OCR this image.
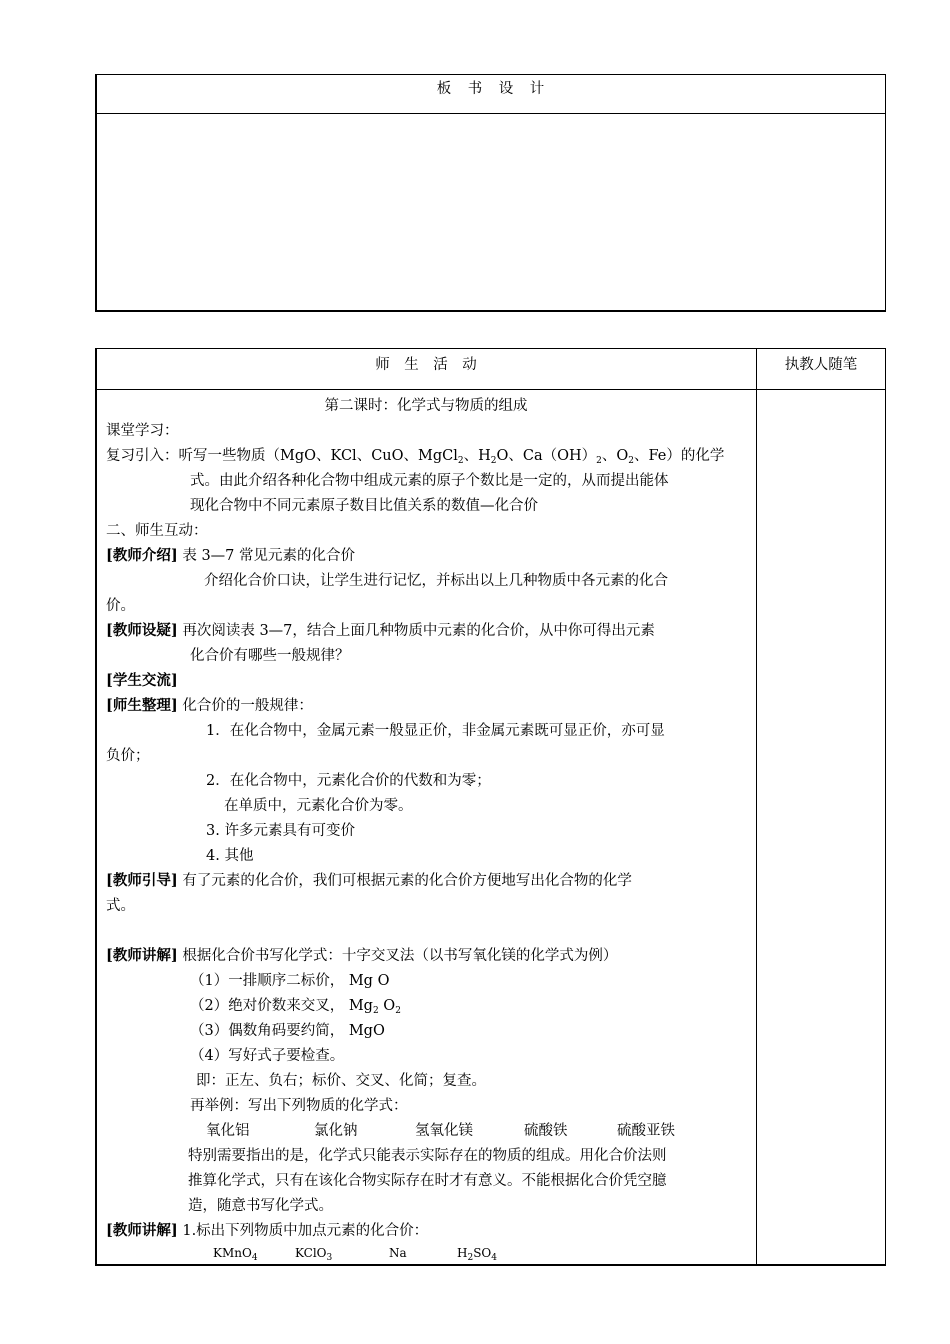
板　书　设　计
师　生　活　动	执教人随笔
第二课时：化学式与物质的组成
课堂学习：
复习引入：听写一些物质（MgO、KCl、CuO、MgCl$_2$、$H_2O$、$Ca(OH)_2$、$O_2$、Fe）的化学
式。由此介绍各种化合物中组成元素的原子个数比是一定的，从而提出能体
现化合物中不同元素原子数目比值关系的数值—化合价
二、师生互动：
[教师介绍] 表 3—7 常见元素的化合价
介绍化合价口诀，让学生进行记忆，并标出以上几种物质中各元素的化合
价。
[教师设疑] 再次阅读表 3—7，结合上面几种物质中元素的化合价，从中你可得出元素
化合价有哪些一般规律？
[学生交流]
[师生整理] 化合价的一般规律：
1．在化合物中，金属元素一般显正价，非金属元素既可显正价，亦可显
负价；
2．在化合物中，元素化合价的代数和为零；
在单质中，元素化合价为零。
3. 许多元素具有可变价
4. 其他
[教师引导] 有了元素的化合价，我们可根据元素的化合价方便地写出化合物的化学
式。
[教师讲解] 根据化合价书写化学式：十字交叉法（以书写氧化镁的化学式为例）
（1）一排顺序二标价， Mg O
（2）绝对价数来交叉， $Mg_2$ $O_2$
（3）偶数角码要约简， MgO
（4）写好式子要检查。
即：正左、负右；标价、交叉、化简；复查。
再举例：写出下列物质的化学式：
氧化铝	氯化钠	氢氧化镁	硫酸铁	硫酸亚铁
特别需要指出的是，化学式只能表示实际存在的物质的组成。用化合价法则
推算化学式，只有在该化合物实际存在时才有意义。不能根据化合价凭空臆
造，随意书写化学式。
[教师讲解] 1.标出下列物质中加点元素的化合价：
KMnO$_4$	KClO$_3$	Na	$H_2SO_4$
